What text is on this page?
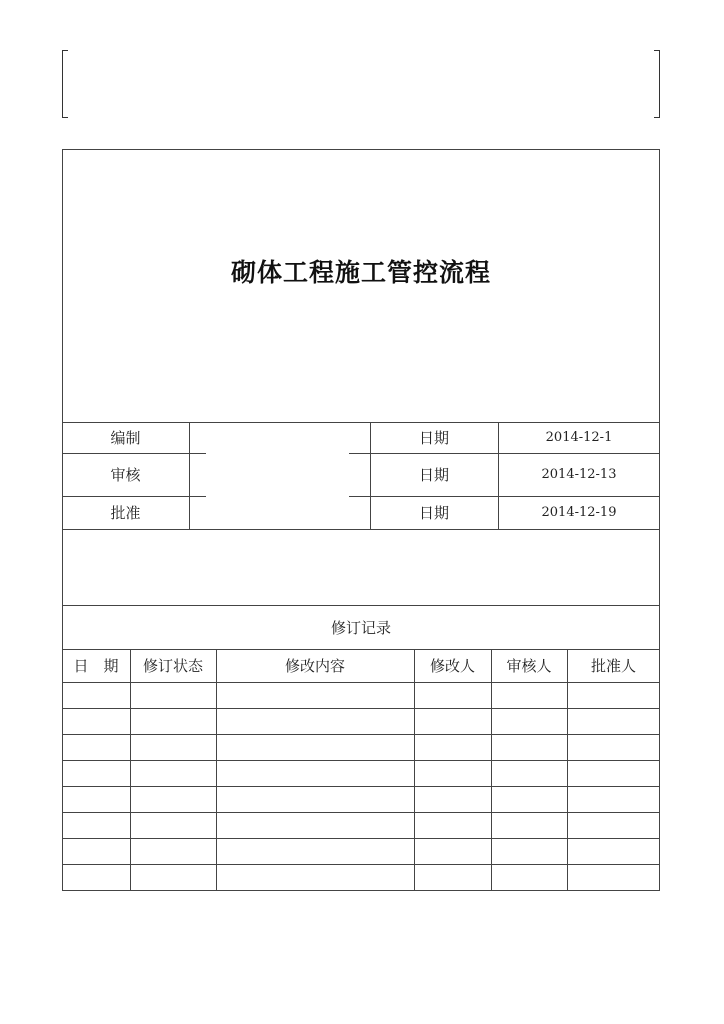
砌体工程施工管控流程
编制	日期	2014-12-1
审核	日期	2014-12-13
批准	日期	2014-12-19
修订记录
日　期	修订状态	修改内容	修改人	审核人	批准人
